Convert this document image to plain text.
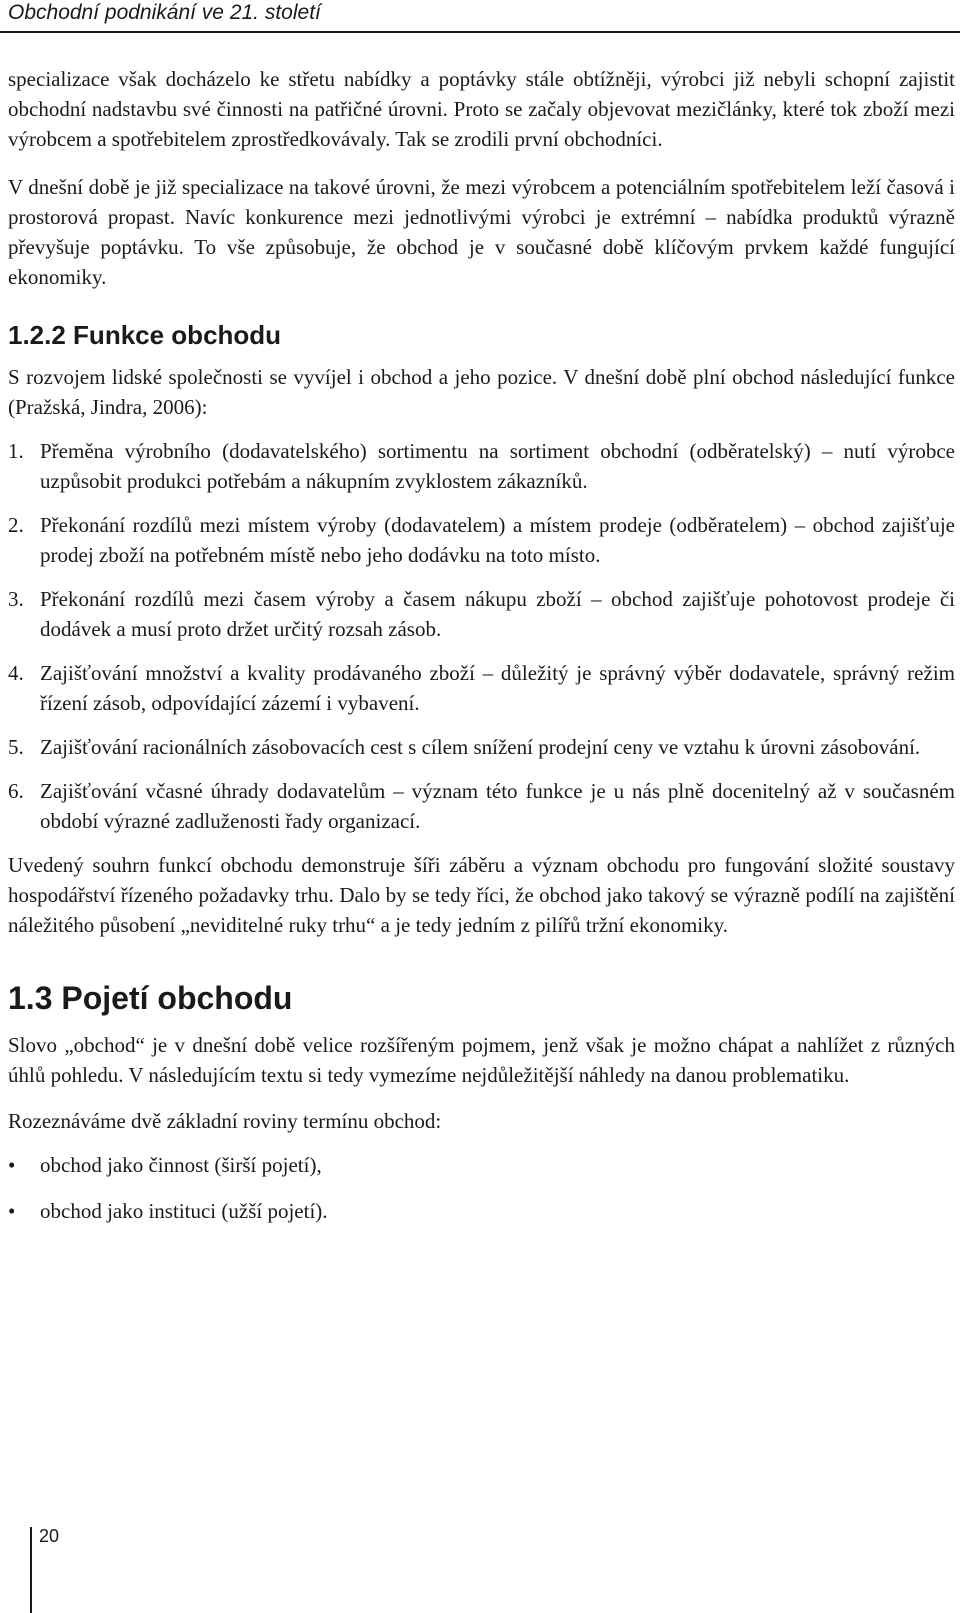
Obchodní podnikání ve 21. století

specializace však docházelo ke střetu nabídky a poptávky stále obtížněji, výrobci již nebyli schopní zajistit obchodní nadstavbu své činnosti na patřičné úrovni. Proto se začaly objevovat mezičlánky, které tok zboží mezi výrobcem a spotřebitelem zprostředkovávaly. Tak se zrodili první obchodníci.

V dnešní době je již specializace na takové úrovni, že mezi výrobcem a potenciálním spotřebitelem leží časová i prostorová propast. Navíc konkurence mezi jednotlivými výrobci je extrémní – nabídka produktů výrazně převyšuje poptávku. To vše způsobuje, že obchod je v současné době klíčovým prvkem každé fungující ekonomiky.

1.2.2 Funkce obchodu

S rozvojem lidské společnosti se vyvíjel i obchod a jeho pozice. V dnešní době plní obchod následující funkce (Pražská, Jindra, 2006):

1. Přeměna výrobního (dodavatelského) sortimentu na sortiment obchodní (odběratelský) – nutí výrobce uzpůsobit produkci potřebám a nákupním zvyklostem zákazníků.
2. Překonání rozdílů mezi místem výroby (dodavatelem) a místem prodeje (odběratelem) – obchod zajišťuje prodej zboží na potřebném místě nebo jeho dodávku na toto místo.
3. Překonání rozdílů mezi časem výroby a časem nákupu zboží – obchod zajišťuje pohotovost prodeje či dodávek a musí proto držet určitý rozsah zásob.
4. Zajišťování množství a kvality prodávaného zboží – důležitý je správný výběr dodavatele, správný režim řízení zásob, odpovídající zázemí i vybavení.
5. Zajišťování racionálních zásobovacích cest s cílem snížení prodejní ceny ve vztahu k úrovni zásobování.
6. Zajišťování včasné úhrady dodavatelům – význam této funkce je u nás plně docenitelný až v současném období výrazné zadluženosti řady organizací.

Uvedený souhrn funkcí obchodu demonstruje šíři záběru a význam obchodu pro fungování složité soustavy hospodářství řízeného požadavky trhu. Dalo by se tedy říci, že obchod jako takový se výrazně podílí na zajištění náležitého působení „neviditelné ruky trhu“ a je tedy jedním z pilířů tržní ekonomiky.

1.3 Pojetí obchodu

Slovo „obchod“ je v dnešní době velice rozšířeným pojmem, jenž však je možno chápat a nahlížet z různých úhlů pohledu. V následujícím textu si tedy vymezíme nejdůležitější náhledy na danou problematiku.

Rozeznáváme dvě základní roviny termínu obchod:

•	obchod jako činnost (širší pojetí),
•	obchod jako instituci (užší pojetí).
20
